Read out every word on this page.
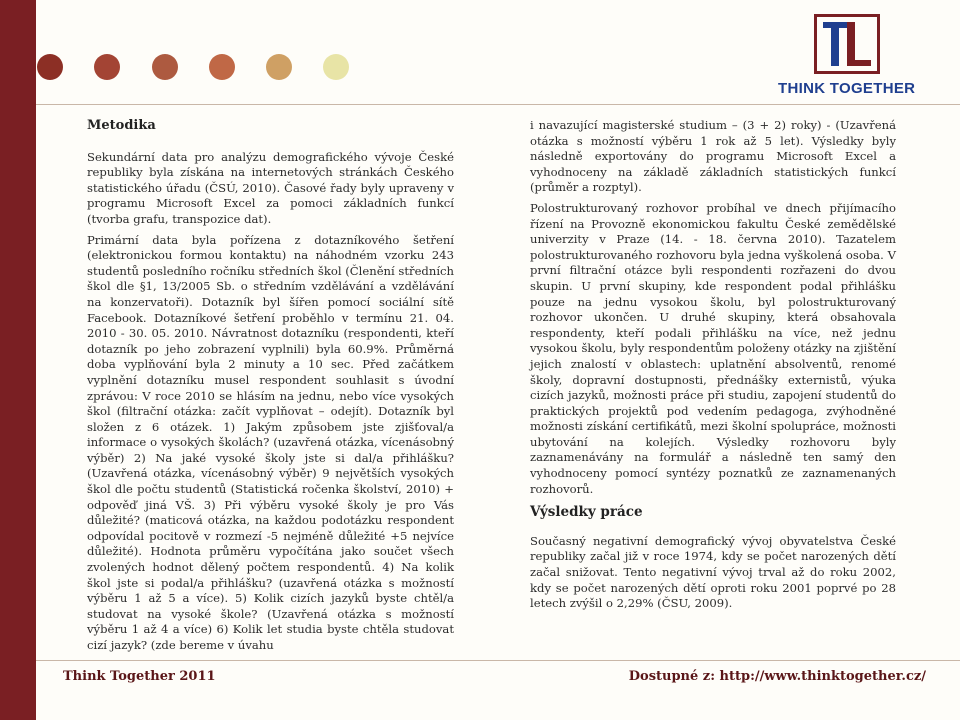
THINK TOGETHER
Metodika

Sekundární data pro analýzu demografického vývoje České republiky byla získána na internetových stránkách Českého statistického úřadu (ČSÚ, 2010). Časové řady byly upraveny v programu Microsoft Excel za pomoci základních funkcí (tvorba grafu, transpozice dat).

Primární data byla pořízena z dotazníkového šetření (elektronickou formou kontaktu) na náhodném vzorku 243 studentů posledního ročníku středních škol (Členění středních škol dle §1, 13/2005 Sb. o středním vzdělávání a vzdělávání na konzervatoři). Dotazník byl šířen pomocí sociální sítě Facebook. Dotazníkové šetření proběhlo v termínu 21. 04. 2010 - 30. 05. 2010. Návratnost dotazníku (respondenti, kteří dotazník po jeho zobrazení vyplnili) byla 60.9%. Průměrná doba vyplňování byla 2 minuty a 10 sec. Před začátkem vyplnění dotazníku musel respondent souhlasit s úvodní zprávou: V roce 2010 se hlásím na jednu, nebo více vysokých škol (filtrační otázka: začít vyplňovat – odejít). Dotazník byl složen z 6 otázek. 1) Jakým způsobem jste zjišťoval/a informace o vysokých školách? (uzavřená otázka, vícenásobný výběr) 2) Na jaké vysoké školy jste si dal/a přihlášku? (Uzavřená otázka, vícenásobný výběr) 9 největších vysokých škol dle počtu studentů (Statistická ročenka školství, 2010) + odpověď jiná VŠ. 3) Při výběru vysoké školy je pro Vás důležité? (maticová otázka, na každou podotázku respondent odpovídal pocitově v rozmezí -5 nejméně důležité +5 nejvíce důležité). Hodnota průměru vypočítána jako součet všech zvolených hodnot dělený počtem respondentů. 4) Na kolik škol jste si podal/a přihlášku? (uzavřená otázka s možností výběru 1 až 5 a více). 5) Kolik cizích jazyků byste chtěl/a studovat na vysoké škole? (Uzavřená otázka s možností výběru 1 až 4 a více) 6) Kolik let studia byste chtěla studovat cizí jazyk? (zde bereme v úvahu

i navazující magisterské studium – (3 + 2) roky) - (Uzavřená otázka s možností výběru 1 rok až 5 let). Výsledky byly následně exportovány do programu Microsoft Excel a vyhodnoceny na základě základních statistických funkcí (průměr a rozptyl).

Polostrukturovaný rozhovor probíhal ve dnech přijímacího řízení na Provozně ekonomickou fakultu České zemědělské univerzity v Praze (14. - 18. června 2010). Tazatelem polostrukturovaného rozhovoru byla jedna vyškolená osoba. V první filtrační otázce byli respondenti rozřazeni do dvou skupin. U první skupiny, kde respondent podal přihlášku pouze na jednu vysokou školu, byl polostrukturovaný rozhovor ukončen. U druhé skupiny, která obsahovala respondenty, kteří podali přihlášku na více, než jednu vysokou školu, byly respondentům položeny otázky na zjištění jejich znalostí v oblastech: uplatnění absolventů, renomé školy, dopravní dostupnosti, přednášky externistů, výuka cizích jazyků, možnosti práce při studiu, zapojení studentů do praktických projektů pod vedením pedagoga, zvýhodněné možnosti získání certifikátů, mezi školní spolupráce, možnosti ubytování na kolejích. Výsledky rozhovoru byly zaznamenávány na formulář a následně ten samý den vyhodnoceny pomocí syntézy poznatků ze zaznamenaných rozhovorů.

Výsledky práce

Současný negativní demografický vývoj obyvatelstva České republiky začal již v roce 1974, kdy se počet narozených dětí začal snižovat. Tento negativní vývoj trval až do roku 2002, kdy se počet narozených dětí oproti roku 2001 poprvé po 28 letech zvýšil o 2,29% (ČSU, 2009).

Think Together 2011	Dostupné z: http://www.thinktogether.cz/
